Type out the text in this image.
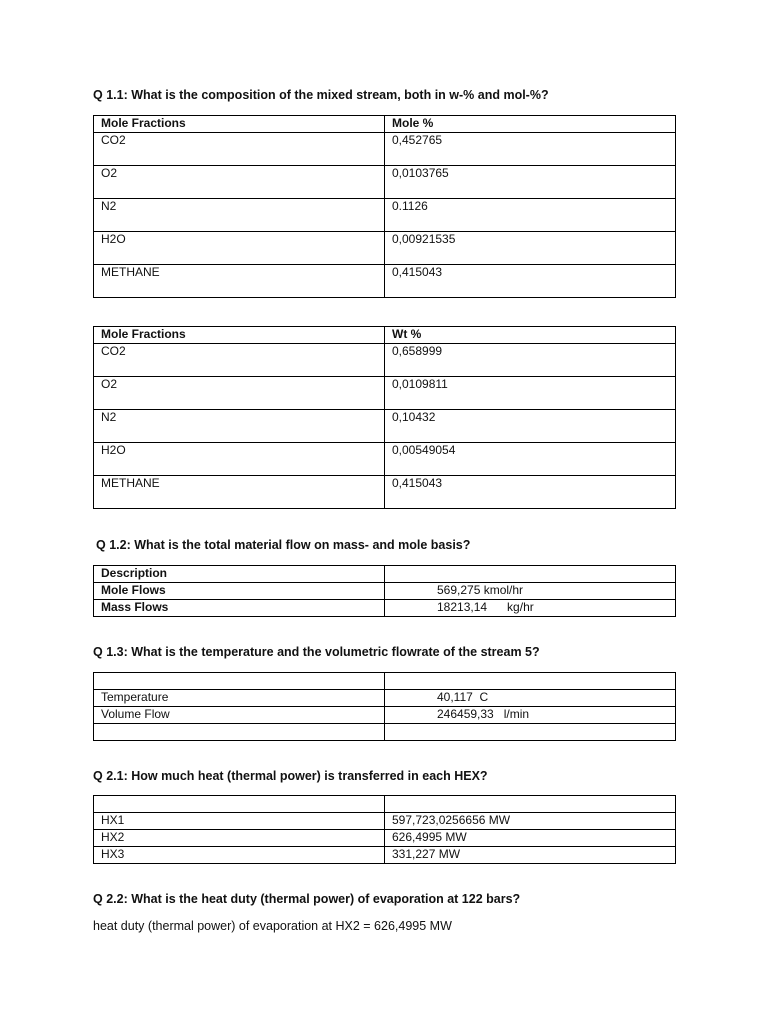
Q 1.1: What is the composition of the mixed stream, both in w-% and mol-%?

Mole Fractions	Mole %
CO2	0,452765
O2	0,0103765
N2	0.1126
H2O	0,00921535
METHANE	0,415043
Mole Fractions	Wt %
CO2	0,658999
O2	0,0109811
N2	0,10432
H2O	0,00549054
METHANE	0,415043

Q 1.2: What is the total material flow on mass- and mole basis?

Description	
Mole Flows	569,275 kmol/hr
Mass Flows	18213,14      kg/hr

Q 1.3: What is the temperature and the volumetric flowrate of the stream 5?

Temperature	40,117  C
Volume Flow	246459,33   l/min

Q 2.1: How much heat (thermal power) is transferred in each HEX?

HX1	597,723,0256656 MW
HX2	626,4995 MW
HX3	331,227 MW

Q 2.2: What is the heat duty (thermal power) of evaporation at 122 bars?

heat duty (thermal power) of evaporation at HX2 = 626,4995 MW
